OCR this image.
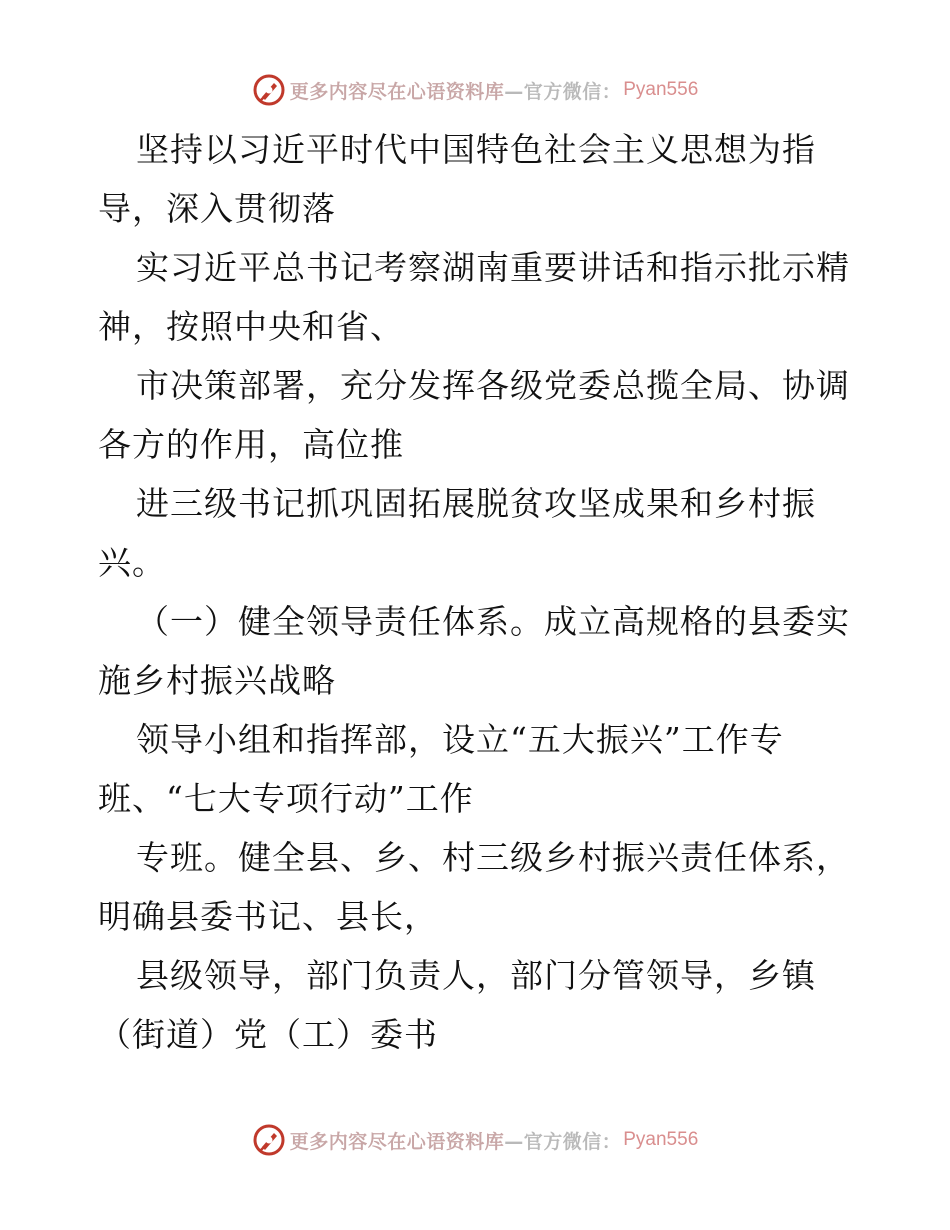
更多内容尽在心语资料库 —官方微信： Pyan556
坚持以习近平时代中国特色社会主义思想为指
导，深入贯彻落
实习近平总书记考察湖南重要讲话和指示批示精
神，按照中央和省、
市决策部署，充分发挥各级党委总揽全局、协调
各方的作用，高位推
进三级书记抓巩固拓展脱贫攻坚成果和乡村振
兴。
（一）健全领导责任体系。成立高规格的县委实
施乡村振兴战略
领导小组和指挥部，设立“五大振兴”工作专
班、“七大专项行动”工作
专班。健全县、乡、村三级乡村振兴责任体系，
明确县委书记、县长，
县级领导，部门负责人，部门分管领导，乡镇
（街道）党（工）委书
更多内容尽在心语资料库 —官方微信： Pyan556
